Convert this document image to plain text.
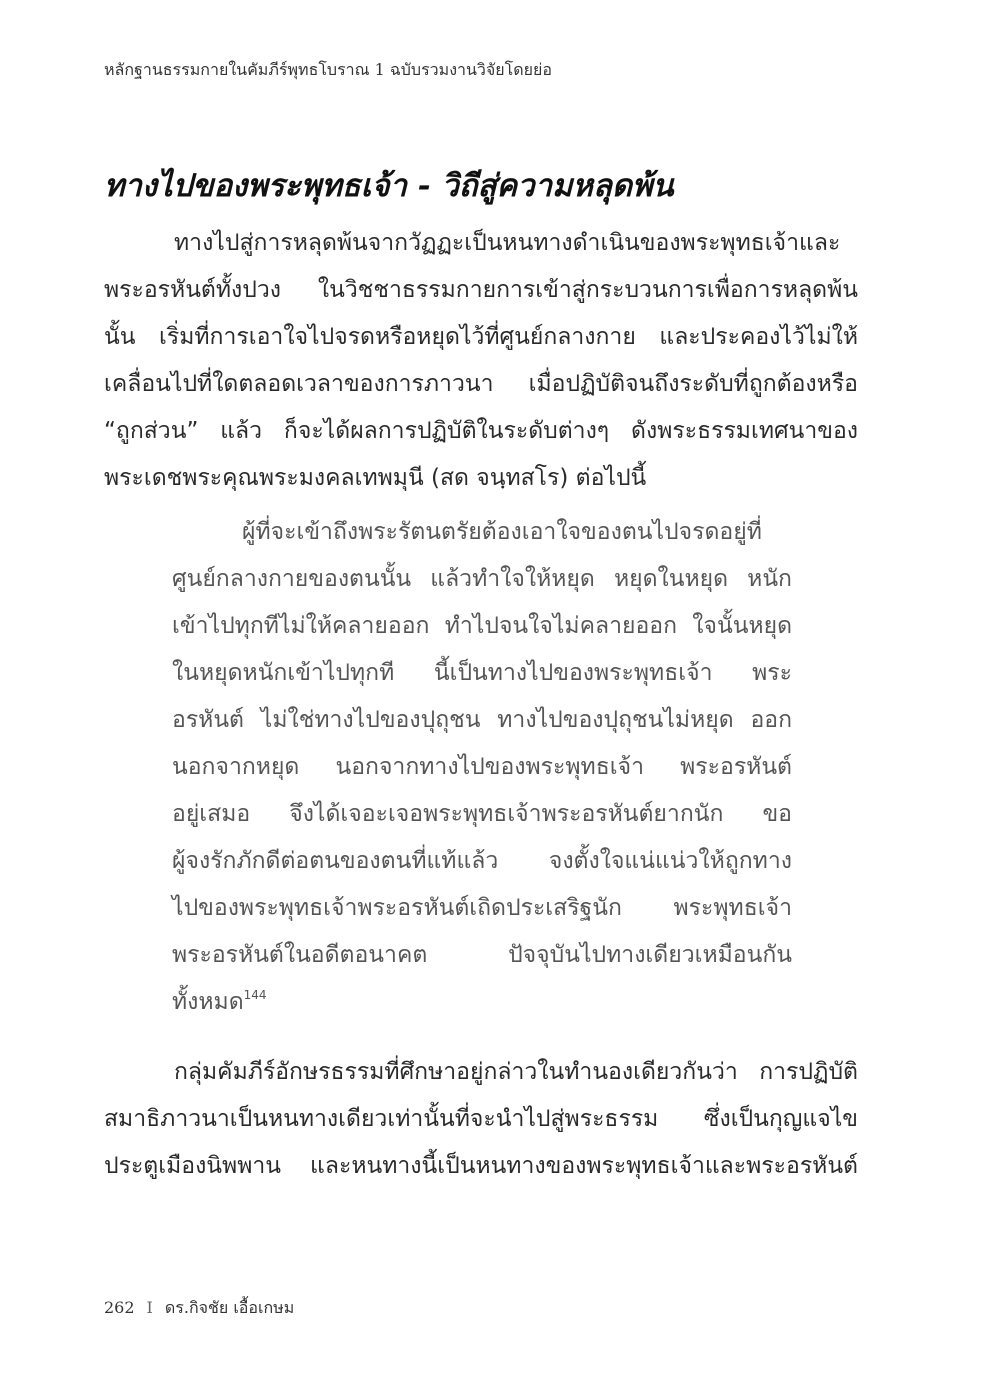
หลักฐานธรรมกายในคัมภีร์พุทธโบราณ 1 ฉบับรวมงานวิจัยโดยย่อ
ทางไปของพระพุทธเจ้า - วิถีสู่ความหลุดพ้น

ทางไปสู่การหลุดพ้นจากวัฏฏะเป็นหนทางดำเนินของพระพุทธเจ้าและ
พระอรหันต์ทั้งปวง ในวิชชาธรรมกายการเข้าสู่กระบวนการเพื่อการหลุดพ้น
นั้น เริ่มที่การเอาใจไปจรดหรือหยุดไว้ที่ศูนย์กลางกาย และประคองไว้ไม่ให้
เคลื่อนไปที่ใดตลอดเวลาของการภาวนา เมื่อปฏิบัติจนถึงระดับที่ถูกต้องหรือ
“ถูกส่วน” แล้ว ก็จะได้ผลการปฏิบัติในระดับต่างๆ ดังพระธรรมเทศนาของ
พระเดชพระคุณพระมงคลเทพมุนี (สด จนฺทสโร) ต่อไปนี้

ผู้ที่จะเข้าถึงพระรัตนตรัยต้องเอาใจของตนไปจรดอยู่ที่
ศูนย์กลางกายของตนนั้น แล้วทำใจให้หยุด หยุดในหยุด หนัก
เข้าไปทุกทีไม่ให้คลายออก ทำไปจนใจไม่คลายออก ใจนั้นหยุด
ในหยุดหนักเข้าไปทุกที นี้เป็นทางไปของพระพุทธเจ้า พระ
อรหันต์ ไม่ใช่ทางไปของปุถุชน ทางไปของปุถุชนไม่หยุด ออก
นอกจากหยุด นอกจากทางไปของพระพุทธเจ้า พระอรหันต์
อยู่เสมอ จึงได้เจอะเจอพระพุทธเจ้าพระอรหันต์ยากนัก ขอ
ผู้จงรักภักดีต่อตนของตนที่แท้แล้ว จงตั้งใจแน่แน่วให้ถูกทาง
ไปของพระพุทธเจ้าพระอรหันต์เถิดประเสริฐนัก พระพุทธเจ้า
พระอรหันต์ในอดีตอนาคต ปัจจุบันไปทางเดียวเหมือนกัน
ทั้งหมด$^{144}$

กลุ่มคัมภีร์อักษรธรรมที่ศึกษาอยู่กล่าวในทำนองเดียวกันว่า การปฏิบัติ
สมาธิภาวนาเป็นหนทางเดียวเท่านั้นที่จะนำไปสู่พระธรรม ซึ่งเป็นกุญแจไข
ประตูเมืองนิพพาน และหนทางนี้เป็นหนทางของพระพุทธเจ้าและพระอรหันต์

262 I ดร.กิจชัย เอื้อเกษม
